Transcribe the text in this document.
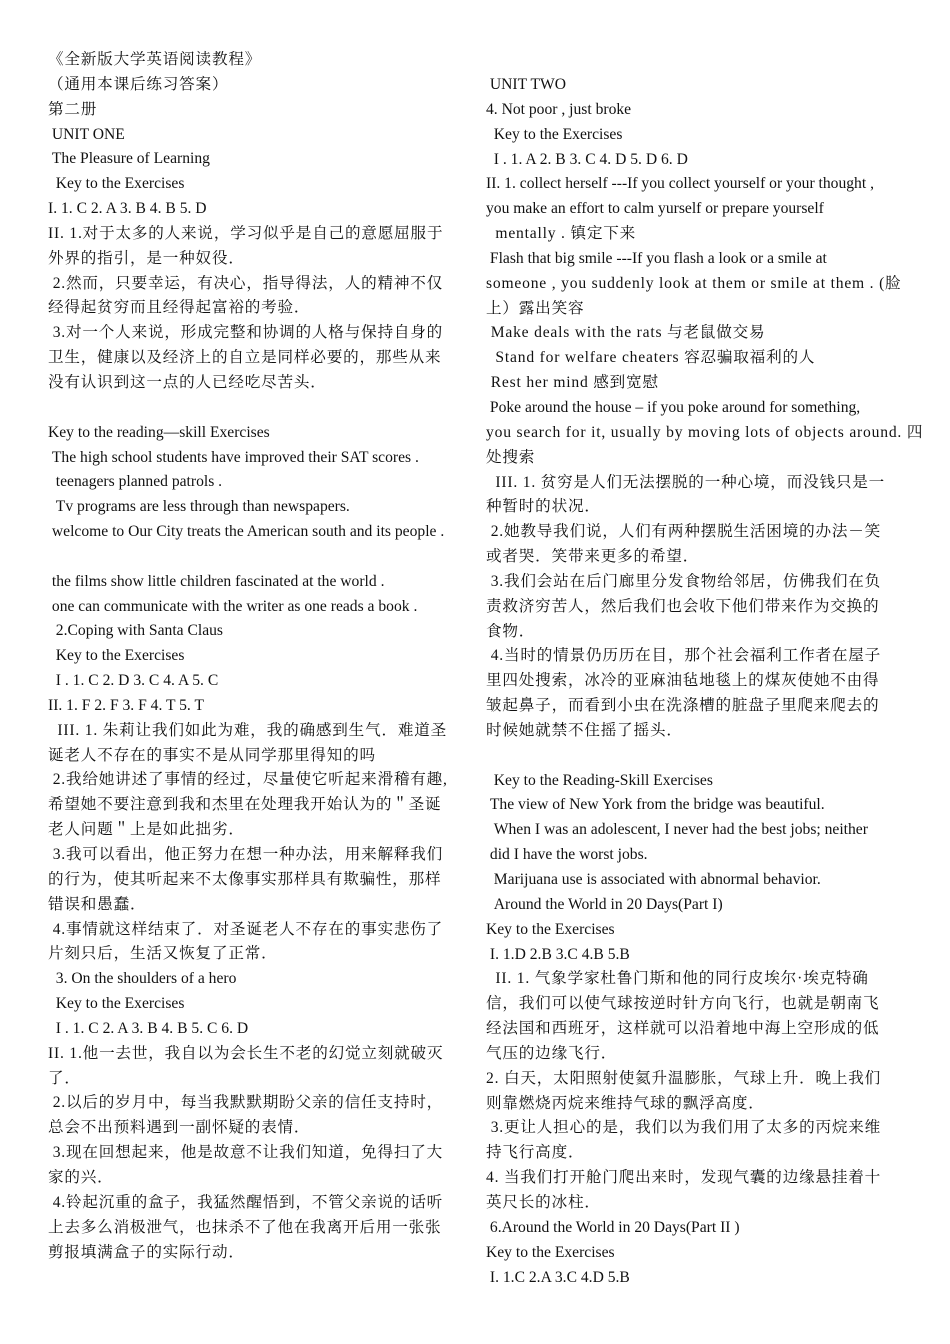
《全新版大学英语阅读教程》
（通用本课后练习答案）
第二册
UNIT ONE
The Pleasure of Learning
Key to the Exercises
I. 1. C 2. A 3. B 4. B 5. D
II. 1.对于太多的人来说，学习似乎是自己的意愿屈服于
外界的指引，是一种奴役．
2.然而，只要幸运，有决心，指导得法，人的精神不仅
经得起贫穷而且经得起富裕的考验．
3.对一个人来说，形成完整和协调的人格与保持自身的
卫生，健康以及经济上的自立是同样必要的，那些从来
没有认识到这一点的人已经吃尽苦头．
Key to the reading—skill Exercises
The high school students have improved their SAT scores .
teenagers planned patrols .
Tv programs are less through than newspapers.
welcome to Our City treats the American south and its people .
the films show little children fascinated at the world .
one can communicate with the writer as one reads a book .
2.Coping with Santa Claus
Key to the Exercises
I . 1. C 2. D 3. C 4. A 5. C
II. 1. F 2. F 3. F 4. T 5. T
III. 1. 朱莉让我们如此为难，我的确感到生气．难道圣
诞老人不存在的事实不是从同学那里得知的吗
2.我给她讲述了事情的经过，尽量使它听起来滑稽有趣,
希望她不要注意到我和杰里在处理我开始认为的＂圣诞
老人问题＂上是如此拙劣．
3.我可以看出，他正努力在想一种办法，用来解释我们
的行为，使其听起来不太像事实那样具有欺骗性，那样
错误和愚蠢．
4.事情就这样结束了．对圣诞老人不存在的事实悲伤了
片刻只后，生活又恢复了正常．
3. On the shoulders of a hero
Key to the Exercises
I . 1. C 2. A 3. B 4. B 5. C 6. D
II. 1.他一去世，我自以为会长生不老的幻觉立刻就破灭
了．
2.以后的岁月中，每当我默默期盼父亲的信任支持时，
总会不出预料遇到一副怀疑的表情．
3.现在回想起来，他是故意不让我们知道，免得扫了大
家的兴．
4.铃起沉重的盒子，我猛然醒悟到，不管父亲说的话听
上去多么消极泄气，也抹杀不了他在我离开后用一张张
剪报填满盒子的实际行动．
UNIT TWO
4. Not poor , just broke
Key to the Exercises
I . 1. A 2. B 3. C 4. D 5. D 6. D
II. 1. collect herself ---If you collect yourself or your thought ,
you make an effort to calm yurself or prepare yourself
mentally . 镇定下来
Flash that big smile ---If you flash a look or a smile at
someone , you suddenly look at them or smile at them . (脸
上）露出笑容
Make deals with the rats 与老鼠做交易
Stand for welfare cheaters 容忍骗取福利的人
Rest her mind 感到宽慰
Poke around the house – if you poke around for something,
you search for it, usually by moving lots of objects around. 四
处搜索
III. 1. 贫穷是人们无法摆脱的一种心境，而没钱只是一
种暂时的状况．
2.她教导我们说，人们有两种摆脱生活困境的办法－笑
或者哭．笑带来更多的希望．
3.我们会站在后门廊里分发食物给邻居，仿佛我们在负
责救济穷苦人，然后我们也会收下他们带来作为交换的
食物．
4.当时的情景仍历历在目，那个社会福利工作者在屋子
里四处搜索，冰冷的亚麻油毡地毯上的煤灰使她不由得
皱起鼻子，而看到小虫在洗涤槽的脏盘子里爬来爬去的
时候她就禁不住摇了摇头．
Key to the Reading-Skill Exercises
The view of New York from the bridge was beautiful.
When I was an adolescent, I never had the best jobs; neither
did I have the worst jobs.
Marijuana use is associated with abnormal behavior.
Around the World in 20 Days(Part I)
Key to the Exercises
I. 1.D 2.B 3.C 4.B 5.B
II. 1. 气象学家杜鲁门斯和他的同行皮埃尔·埃克特确
信，我们可以使气球按逆时针方向飞行，也就是朝南飞
经法国和西班牙，这样就可以沿着地中海上空形成的低
气压的边缘飞行．
2. 白天，太阳照射使氦升温膨胀，气球上升．晚上我们
则靠燃烧丙烷来维持气球的飘浮高度．
3.更让人担心的是，我们以为我们用了太多的丙烷来维
持飞行高度．
4. 当我们打开舱门爬出来时，发现气囊的边缘悬挂着十
英尺长的冰柱．
6.Around the World in 20 Days(Part II )
Key to the Exercises
I. 1.C 2.A 3.C 4.D 5.B
